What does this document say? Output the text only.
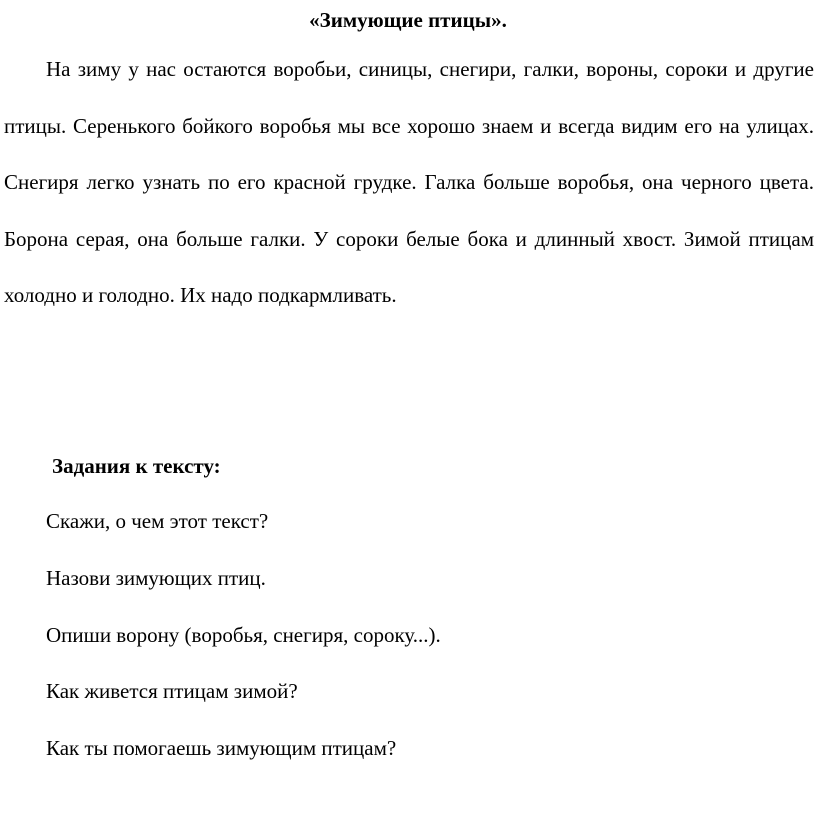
«Зимующие птицы».

На зиму у нас остаются воробьи, синицы, снегири, галки, вороны, сороки и другие птицы. Серенького бойкого воробья мы все хорошо знаем и всегда видим его на улицах. Снегиря легко узнать по его красной грудке. Галка больше воробья, она черного цвета. Борона серая, она больше галки. У сороки белые бока и длинный хвост. Зимой птицам холодно и голодно. Их надо подкармливать.

Задания к тексту:
Скажи, о чем этот текст?
Назови зимующих птиц.
Опиши ворону (воробья, снегиря, сороку...).
Как живется птицам зимой?
Как ты помогаешь зимующим птицам?
